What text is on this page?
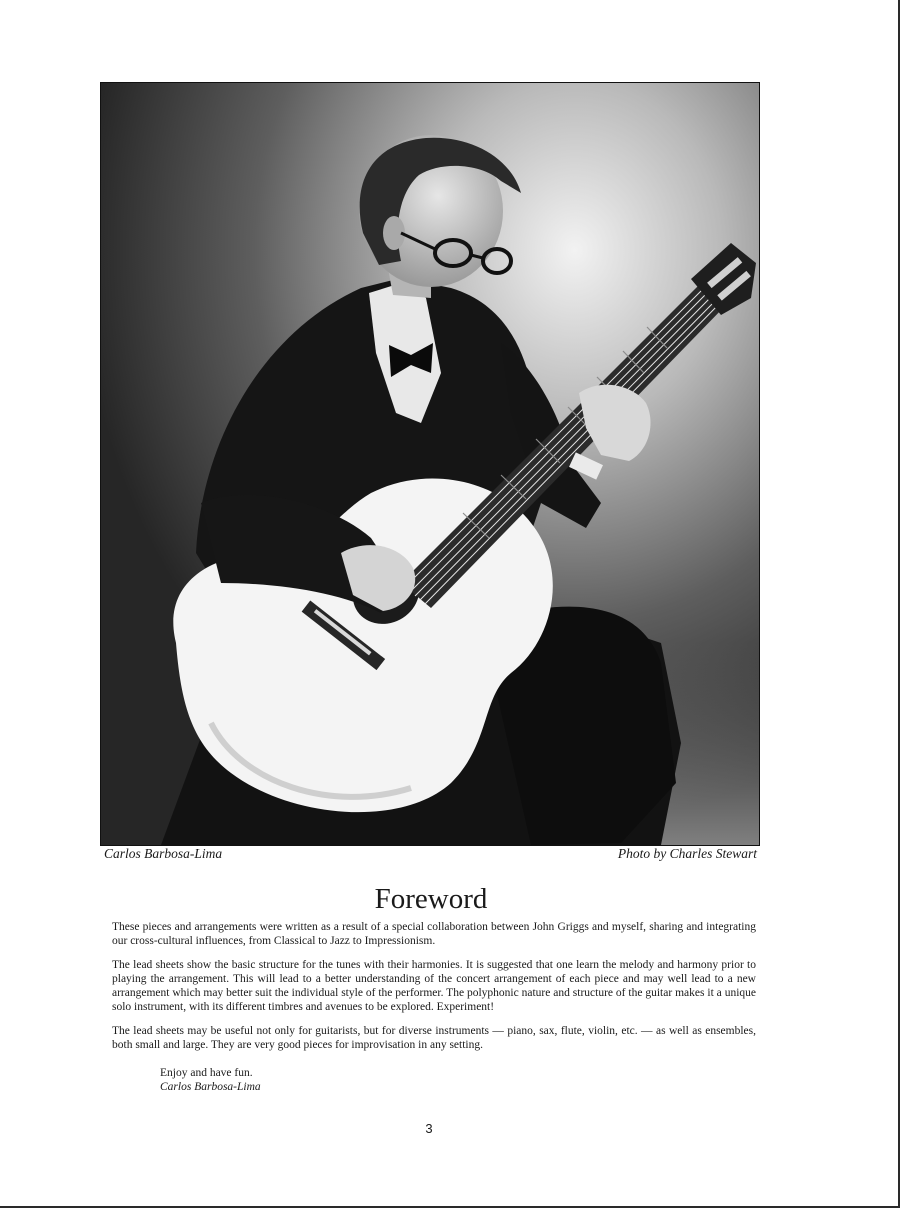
Carlos Barbosa-Lima	Photo by Charles Stewart
Foreword

These pieces and arrangements were written as a result of a special collaboration between John Griggs and myself, sharing and integrating our cross-cultural influences, from Classical to Jazz to Impressionism.

The lead sheets show the basic structure for the tunes with their harmonies. It is suggested that one learn the melody and harmony prior to playing the arrangement. This will lead to a better understanding of the concert arrangement of each piece and may well lead to a new arrangement which may better suit the individual style of the performer. The polyphonic nature and structure of the guitar makes it a unique solo instrument, with its different timbres and avenues to be explored. Experiment!

The lead sheets may be useful not only for guitarists, but for diverse instruments — piano, sax, flute, violin, etc. — as well as ensembles, both small and large. They are very good pieces for improvisation in any setting.

Enjoy and have fun.
Carlos Barbosa-Lima
3
